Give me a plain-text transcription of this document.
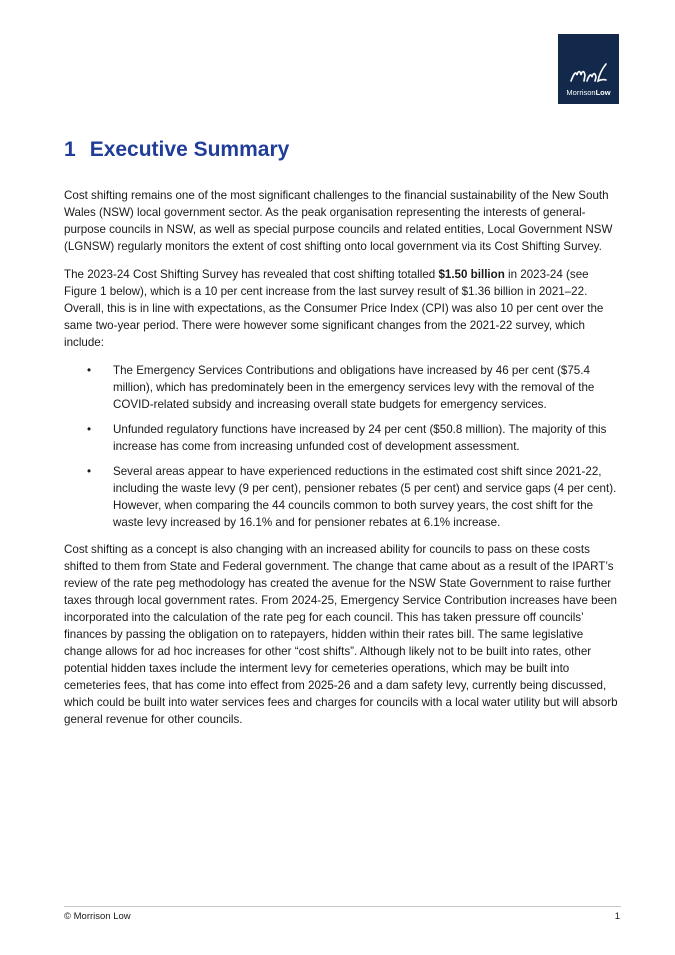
MorrisonLow
1 Executive Summary

Cost shifting remains one of the most significant challenges to the financial sustainability of the New South Wales (NSW) local government sector. As the peak organisation representing the interests of general-purpose councils in NSW, as well as special purpose councils and related entities, Local Government NSW (LGNSW) regularly monitors the extent of cost shifting onto local government via its Cost Shifting Survey.

The 2023-24 Cost Shifting Survey has revealed that cost shifting totalled $1.50 billion in 2023-24 (see Figure 1 below), which is a 10 per cent increase from the last survey result of $1.36 billion in 2021–22. Overall, this is in line with expectations, as the Consumer Price Index (CPI) was also 10 per cent over the same two-year period. There were however some significant changes from the 2021-22 survey, which include:

• The Emergency Services Contributions and obligations have increased by 46 per cent ($75.4 million), which has predominately been in the emergency services levy with the removal of the COVID-related subsidy and increasing overall state budgets for emergency services.
• Unfunded regulatory functions have increased by 24 per cent ($50.8 million). The majority of this increase has come from increasing unfunded cost of development assessment.
• Several areas appear to have experienced reductions in the estimated cost shift since 2021-22, including the waste levy (9 per cent), pensioner rebates (5 per cent) and service gaps (4 per cent). However, when comparing the 44 councils common to both survey years, the cost shift for the waste levy increased by 16.1% and for pensioner rebates at 6.1% increase.

Cost shifting as a concept is also changing with an increased ability for councils to pass on these costs shifted to them from State and Federal government. The change that came about as a result of the IPART’s review of the rate peg methodology has created the avenue for the NSW State Government to raise further taxes through local government rates. From 2024-25, Emergency Service Contribution increases have been incorporated into the calculation of the rate peg for each council. This has taken pressure off councils’ finances by passing the obligation on to ratepayers, hidden within their rates bill. The same legislative change allows for ad hoc increases for other “cost shifts”. Although likely not to be built into rates, other potential hidden taxes include the interment levy for cemeteries operations, which may be built into cemeteries fees, that has come into effect from 2025-26 and a dam safety levy, currently being discussed, which could be built into water services fees and charges for councils with a local water utility but will absorb general revenue for other councils.

© Morrison Low	1
